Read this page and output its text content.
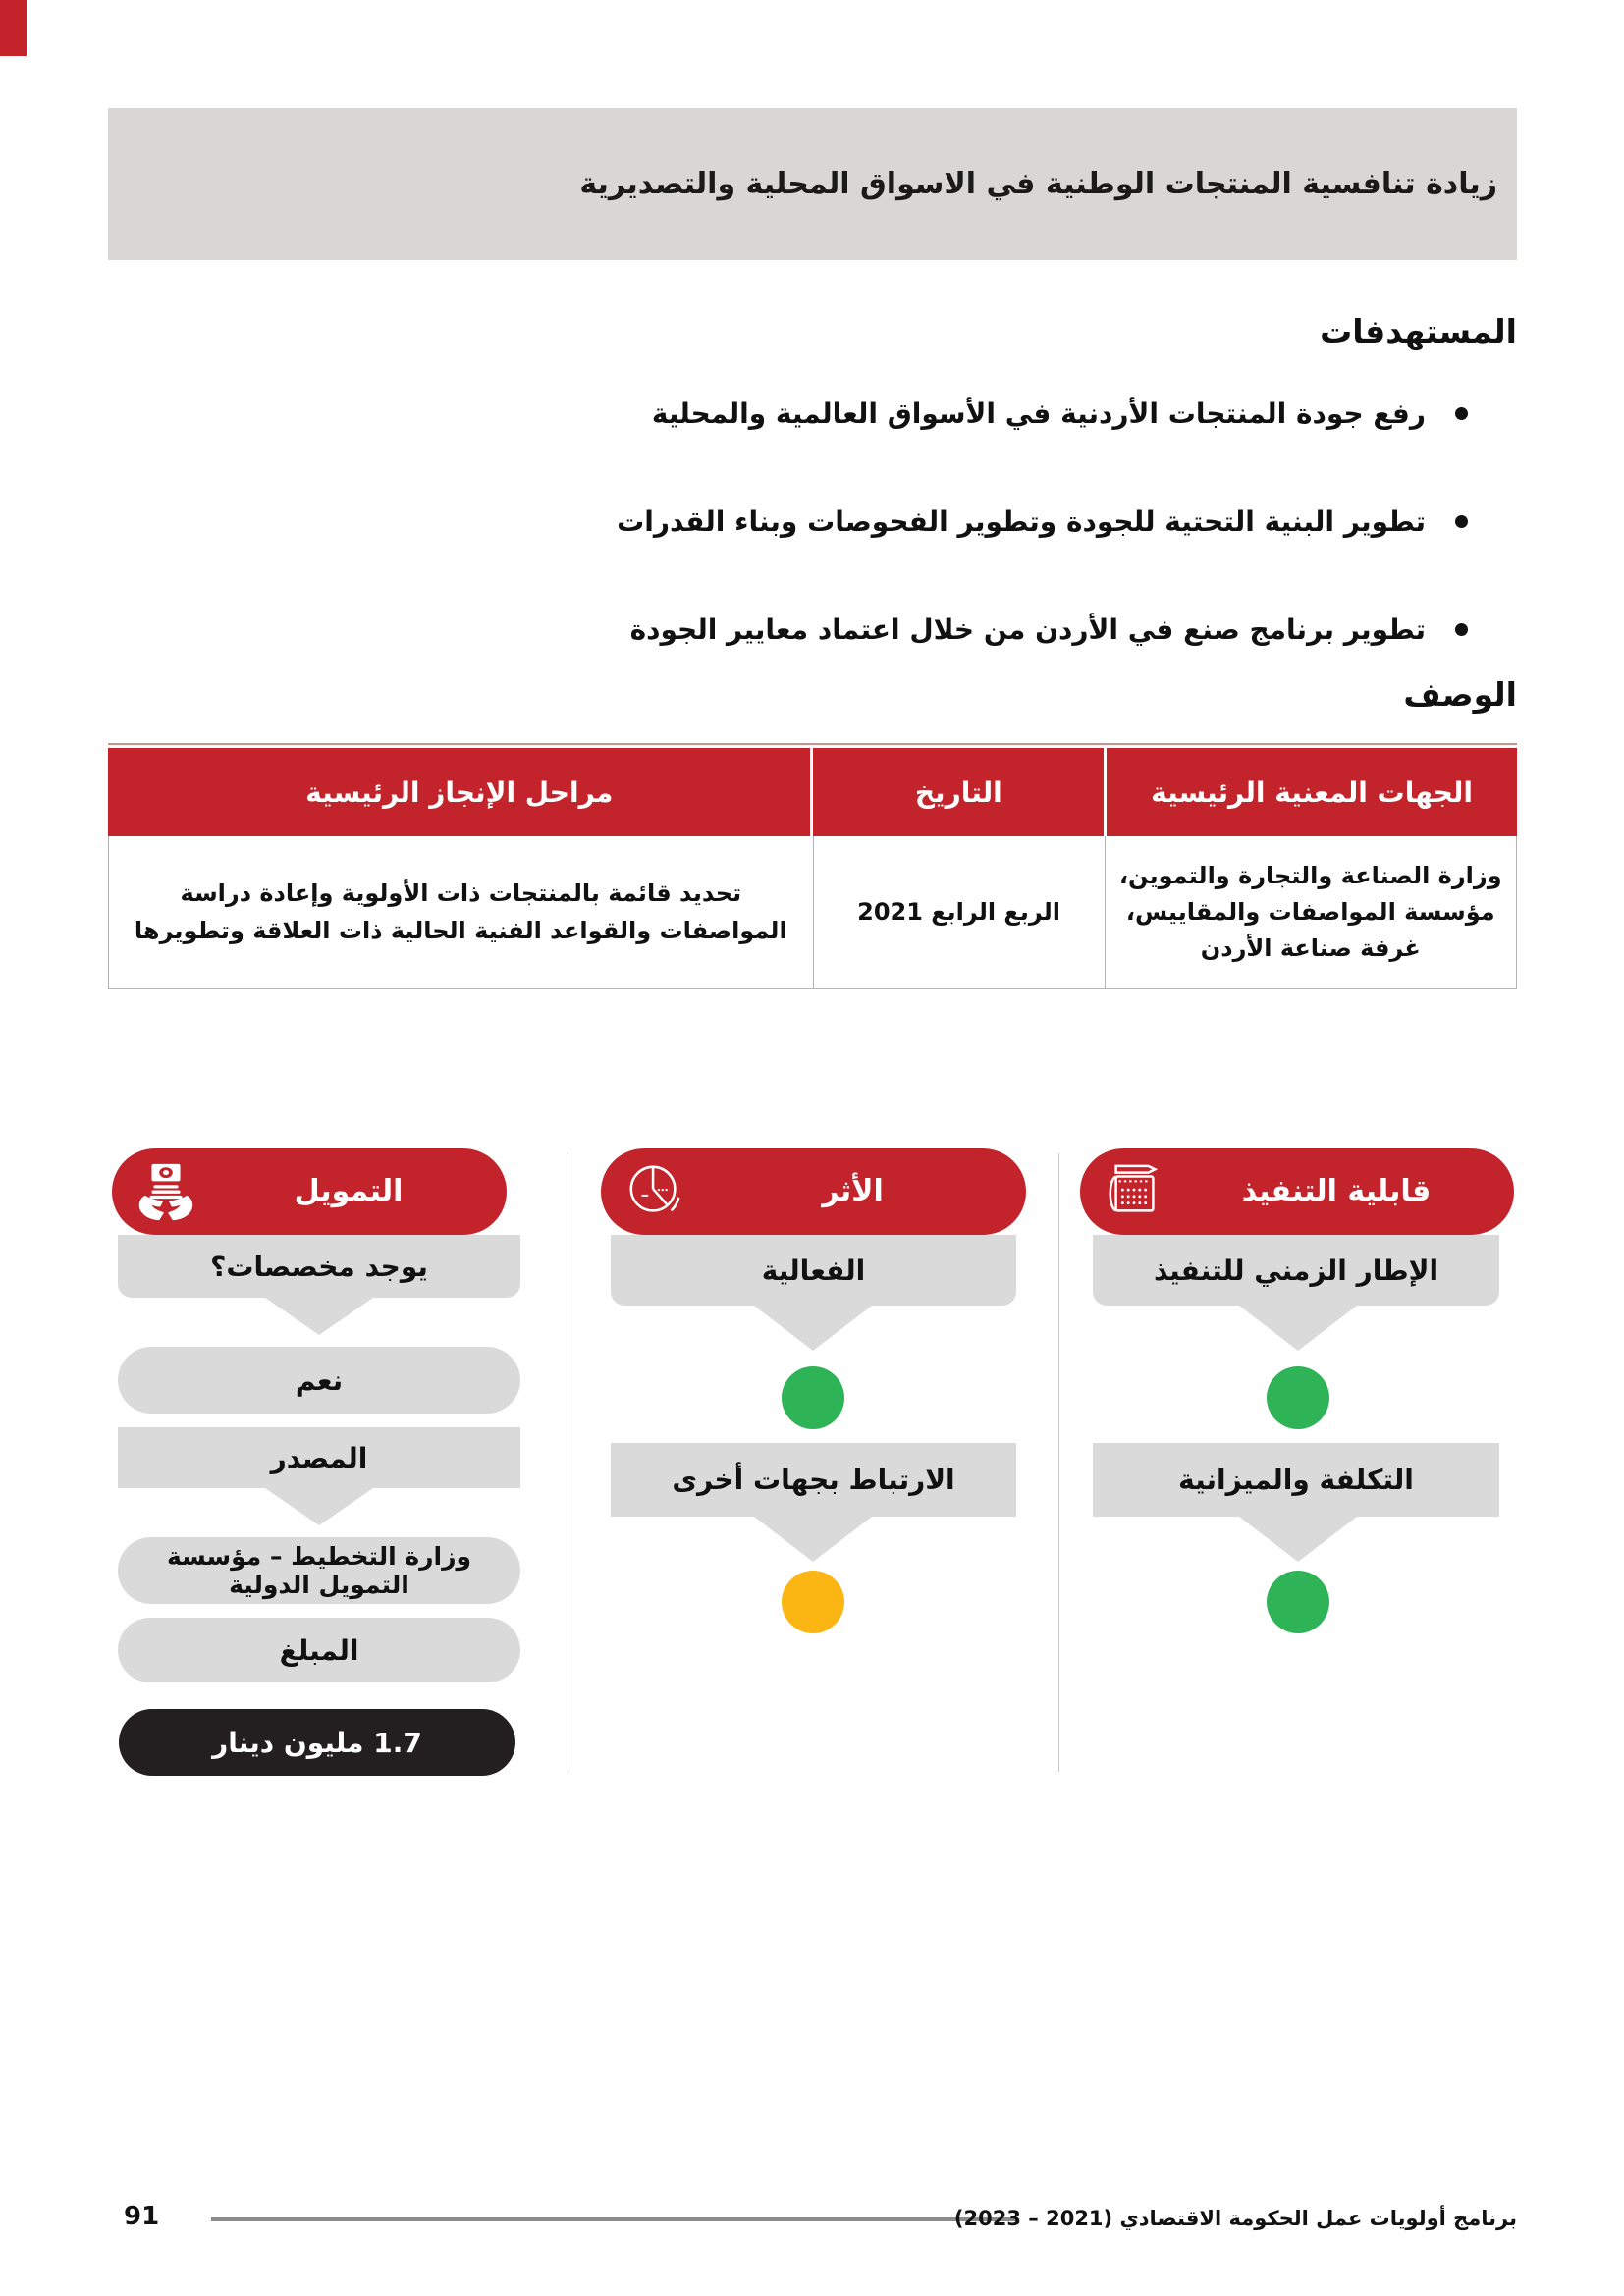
زيادة تنافسية المنتجات الوطنية في الاسواق المحلية والتصديرية
المستهدفات
رفع جودة المنتجات الأردنية في الأسواق العالمية والمحلية
تطوير البنية التحتية للجودة وتطوير الفحوصات وبناء القدرات
تطوير برنامج صنع في الأردن من خلال اعتماد معايير الجودة
الوصف
الجهات المعنية الرئيسية
التاريخ
مراحل الإنجاز الرئيسية
وزارة الصناعة والتجارة والتموين، مؤسسة المواصفات والمقاييس، غرفة صناعة الأردن
الربع الرابع 2021
تحديد قائمة بالمنتجات ذات الأولوية وإعادة دراسة المواصفات والقواعد الفنية الحالية ذات العلاقة وتطويرها
قابلية التنفيذ
الإطار الزمني للتنفيذ
التكلفة والميزانية
الأثر
الفعالية
الارتباط بجهات أخرى
التمويل
يوجد مخصصات؟
نعم
المصدر
وزارة التخطيط – مؤسسة التمويل الدولية
المبلغ
1.7 مليون دينار
91	برنامج أولويات عمل الحكومة الاقتصادي (2021 – 2023)
